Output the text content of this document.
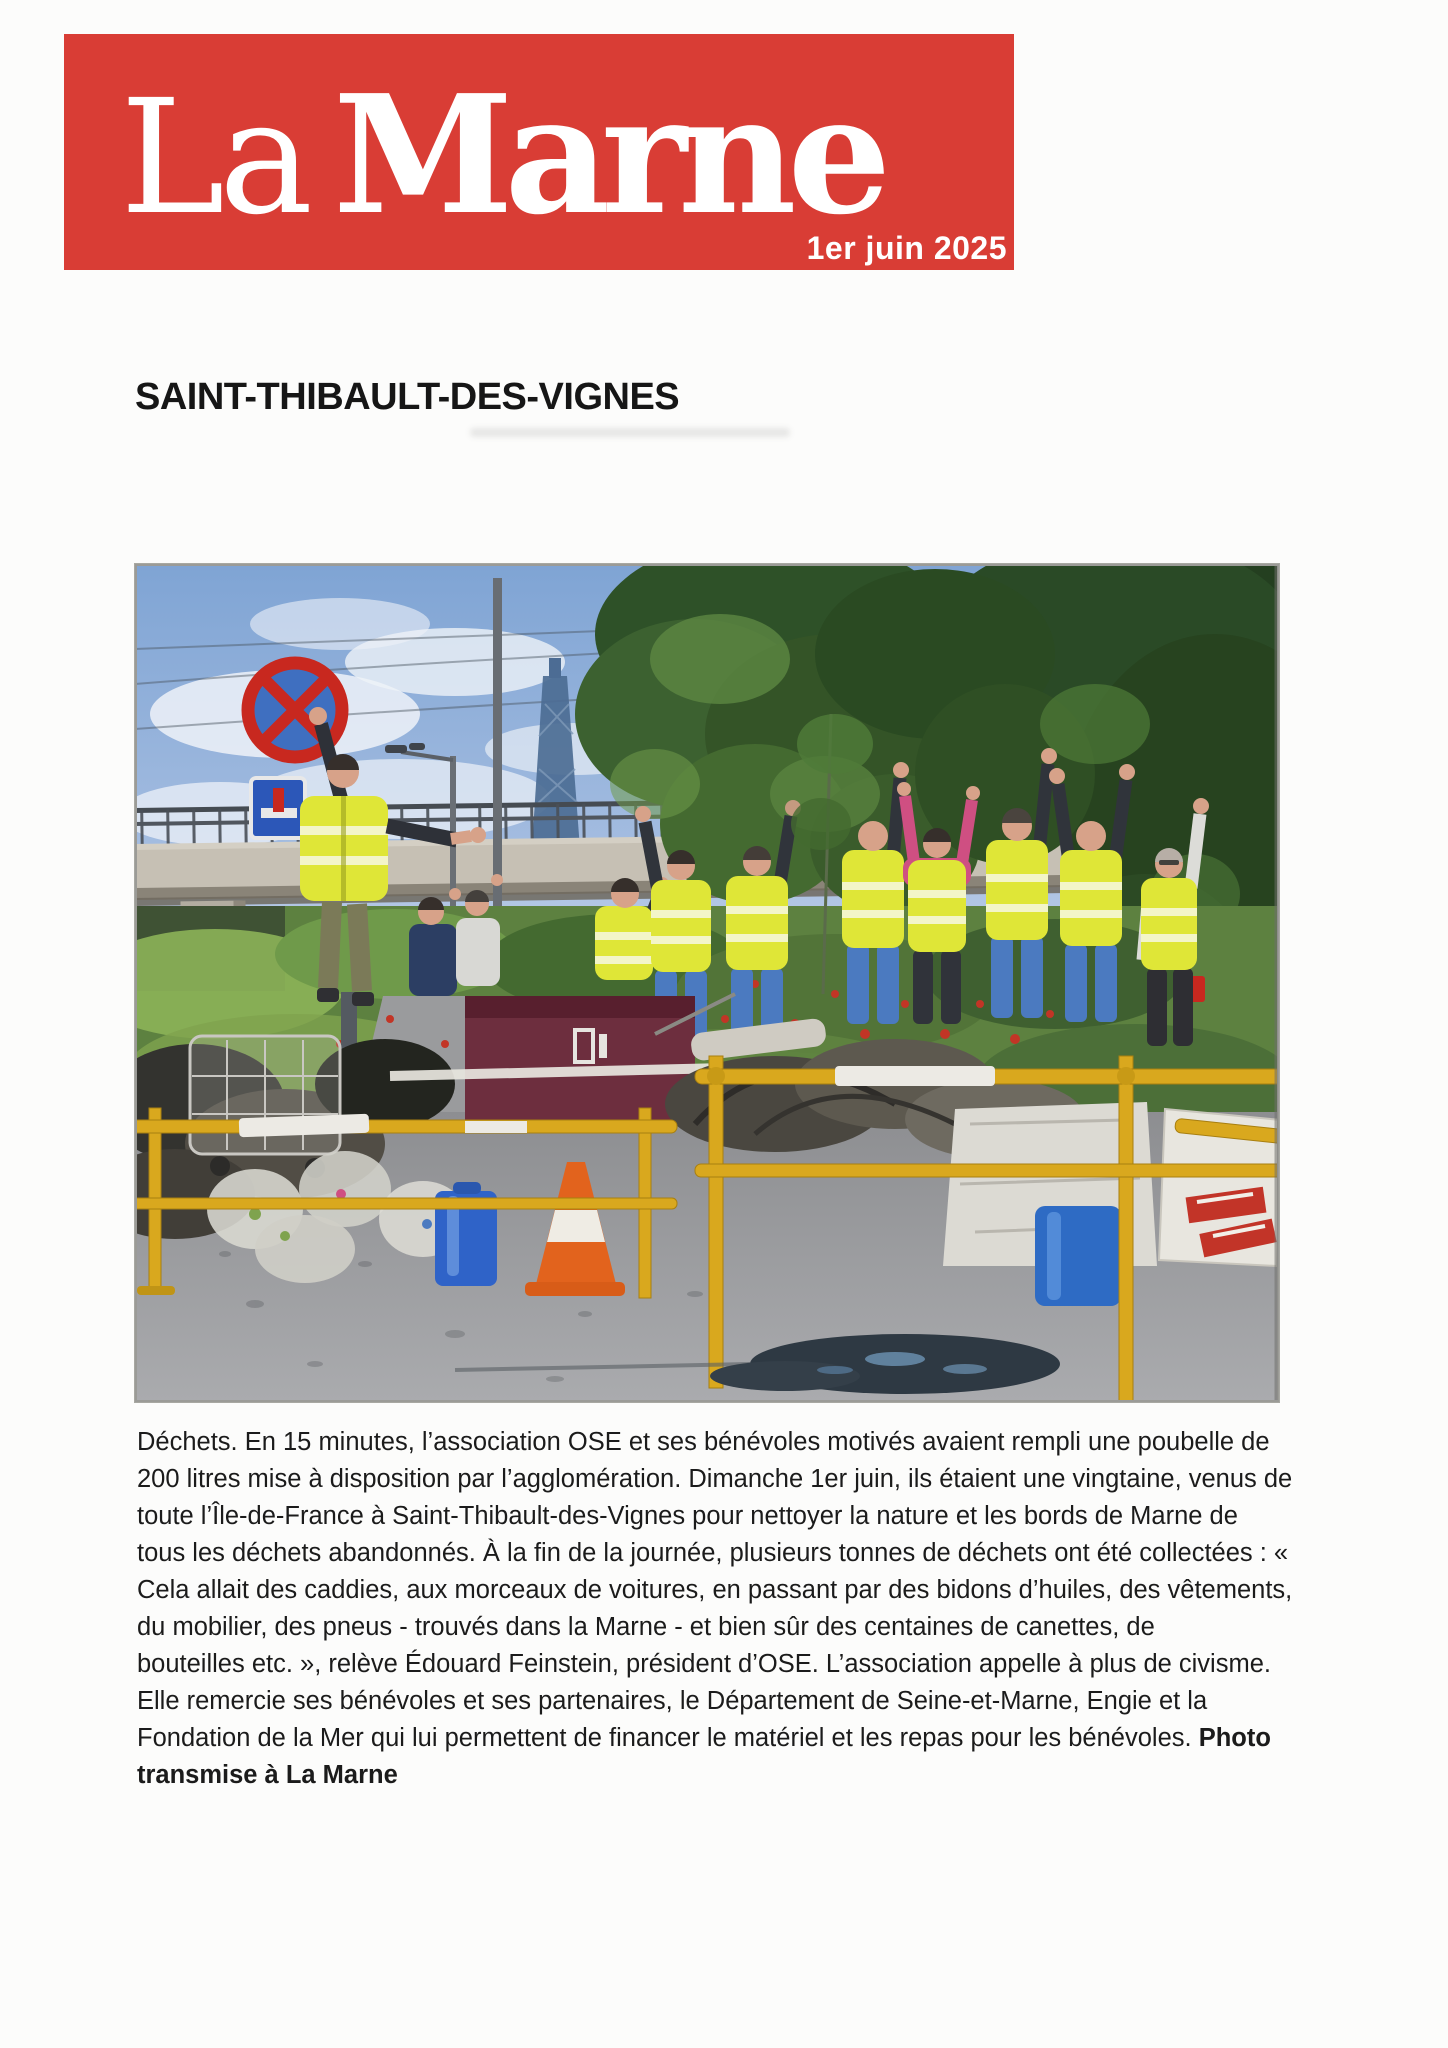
La Marne
1er juin 2025
SAINT-THIBAULT-DES-VIGNES
Déchets. En 15 minutes, l’association OSE et ses bénévoles motivés avaient rempli une poubelle de
200 litres mise à disposition par l’agglomération. Dimanche 1er juin, ils étaient une vingtaine, venus de
toute l’Île-de-France à Saint-Thibault-des-Vignes pour nettoyer la nature et les bords de Marne de
tous les déchets abandonnés. À la fin de la journée, plusieurs tonnes de déchets ont été collectées : «
Cela allait des caddies, aux morceaux de voitures, en passant par des bidons d’huiles, des vêtements,
du mobilier, des pneus - trouvés dans la Marne - et bien sûr des centaines de canettes, de
bouteilles etc. », relève Édouard Feinstein, président d’OSE. L’association appelle à plus de civisme.
Elle remercie ses bénévoles et ses partenaires, le Département de Seine-et-Marne, Engie et la
Fondation de la Mer qui lui permettent de financer le matériel et les repas pour les bénévoles. Photo
transmise à La Marne
